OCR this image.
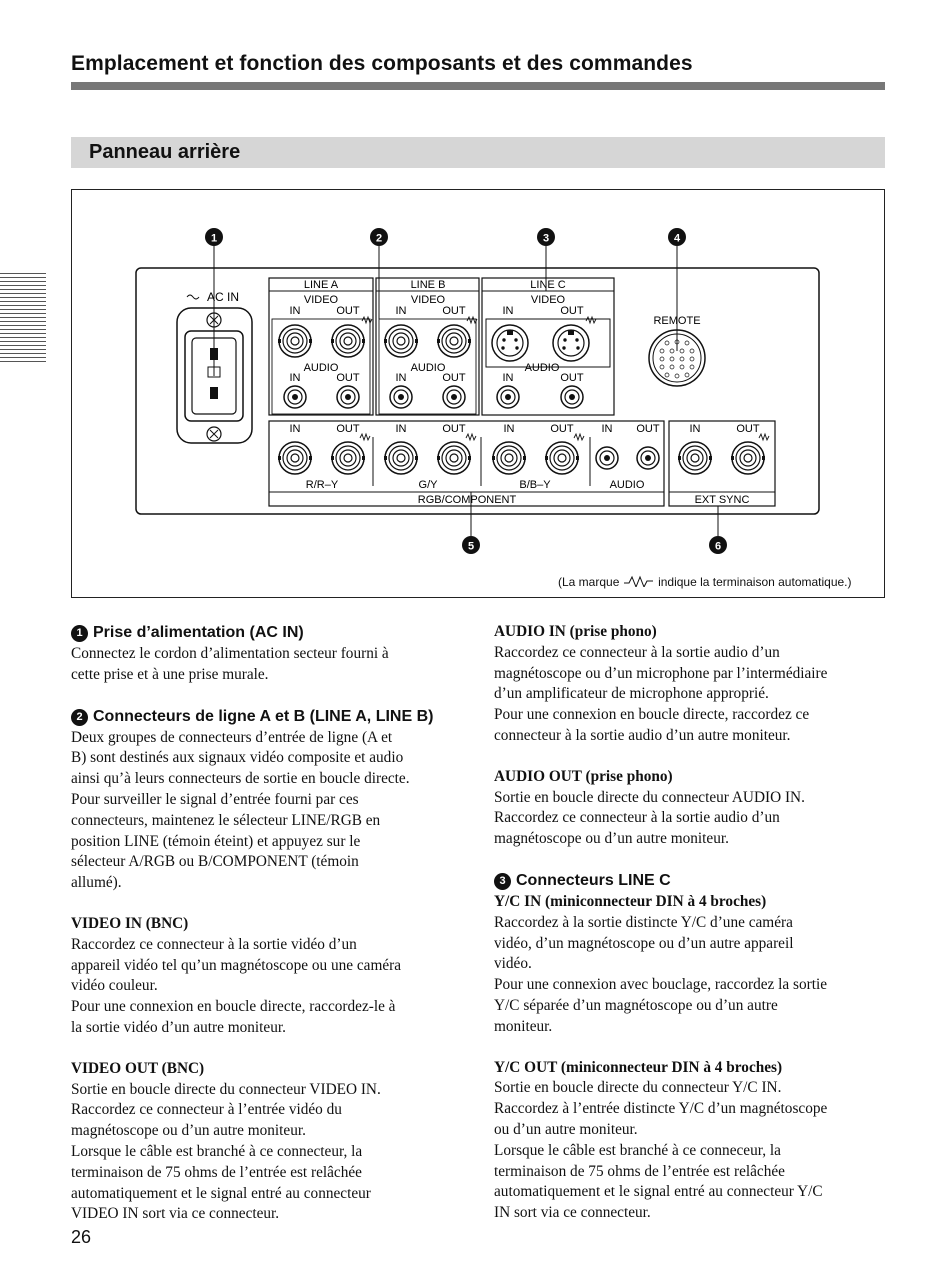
Emplacement et fonction des composants et des commandes
Panneau arrière
1	2	3	4
5	6
AC IN
LINE A
VIDEO
IN	OUT
AUDIO
IN	OUT
LINE B
VIDEO
IN	OUT
AUDIO
IN	OUT
LINE C
VIDEO
IN	OUT
AUDIO
IN	OUT
REMOTE
IN	OUT	IN	OUT	IN	OUT	IN OUT
R/R–Y	G/Y	B/B–Y	AUDIO
RGB/COMPONENT
IN	OUT
EXT SYNC
(La marque	indique la terminaison automatique.)

1 Prise d’alimentation (AC IN)

Connectez le cordon d’alimentation secteur fourni à

cette prise et à une prise murale.

2 Connecteurs de ligne A et B (LINE A, LINE B)

Deux groupes de connecteurs d’entrée de ligne (A et

B) sont destinés aux signaux vidéo composite et audio

ainsi qu’à leurs connecteurs de sortie en boucle directe.

Pour surveiller le signal d’entrée fourni par ces

connecteurs, maintenez le sélecteur LINE/RGB en

position LINE (témoin éteint) et appuyez sur le

sélecteur A/RGB ou B/COMPONENT (témoin

allumé).

VIDEO IN (BNC)

Raccordez ce connecteur à la sortie vidéo d’un

appareil vidéo tel qu’un magnétoscope ou une caméra

vidéo couleur.

Pour une connexion en boucle directe, raccordez-le à

la sortie vidéo d’un autre moniteur.

VIDEO OUT (BNC)

Sortie en boucle directe du connecteur VIDEO IN.

Raccordez ce connecteur à l’entrée vidéo du

magnétoscope ou d’un autre moniteur.

Lorsque le câble est branché à ce connecteur, la

terminaison de 75 ohms de l’entrée est relâchée

automatiquement et le signal entré au connecteur

VIDEO IN sort via ce connecteur.

AUDIO IN (prise phono)

Raccordez ce connecteur à la sortie audio d’un

magnétoscope ou d’un microphone par l’intermédiaire

d’un amplificateur de microphone approprié.

Pour une connexion en boucle directe, raccordez ce

connecteur à la sortie audio d’un autre moniteur.

AUDIO OUT (prise phono)

Sortie en boucle directe du connecteur AUDIO IN.

Raccordez ce connecteur à la sortie audio d’un

magnétoscope ou d’un autre moniteur.

3 Connecteurs LINE C

Y/C IN (miniconnecteur DIN à 4 broches)

Raccordez à la sortie distincte Y/C d’une caméra

vidéo, d’un magnétoscope ou d’un autre appareil

vidéo.

Pour une connexion avec bouclage, raccordez la sortie

Y/C séparée d’un magnétoscope ou d’un autre

moniteur.

Y/C OUT (miniconnecteur DIN à 4 broches)

Sortie en boucle directe du connecteur Y/C IN.

Raccordez à l’entrée distincte Y/C d’un magnétoscope

ou d’un autre moniteur.

Lorsque le câble est branché à ce conneceur, la

terminaison de 75 ohms de l’entrée est relâchée

automatiquement et le signal entré au connecteur Y/C

IN sort via ce connecteur.

26
